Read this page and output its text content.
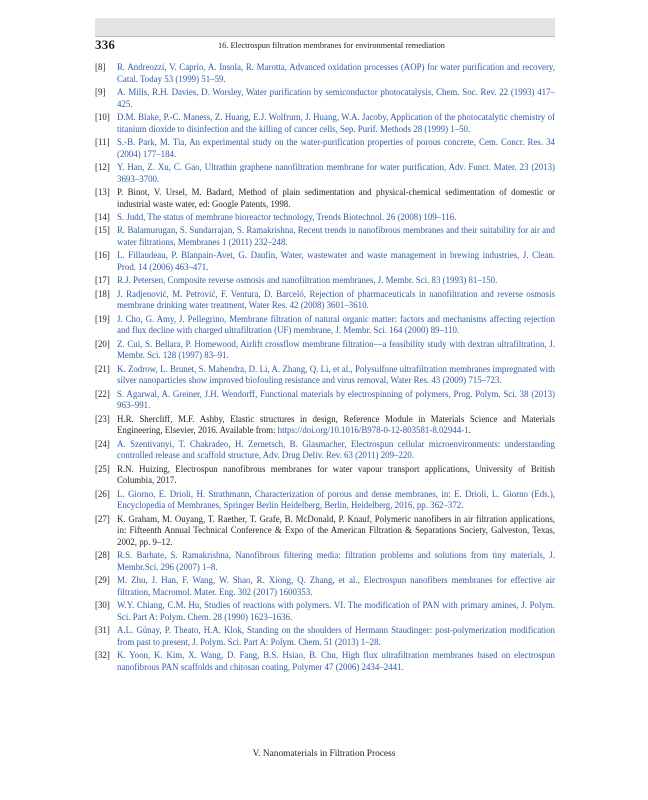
336	16. Electrospun filtration membranes for environmental remediation
[8]	R. Andreozzi, V. Caprio, A. Insola, R. Marotta, Advanced oxidation processes (AOP) for water purification and recovery, Catal. Today 53 (1999) 51–59.
[9]	A. Mills, R.H. Davies, D. Worsley, Water purification by semiconductor photocatalysis, Chem. Soc. Rev. 22 (1993) 417–425.
[10] D.M. Blake, P.-C. Maness, Z. Huang, E.J. Wolfrum, J. Huang, W.A. Jacoby, Application of the photocatalytic chemistry of titanium dioxide to disinfection and the killing of cancer cells, Sep. Purif. Methods 28 (1999) 1–50.
[11] S.-B. Park, M. Tia, An experimental study on the water-purification properties of porous concrete, Cem. Concr. Res. 34 (2004) 177–184.
[12] Y. Han, Z. Xu, C. Gao, Ultrathin graphene nanofiltration membrane for water purification, Adv. Funct. Mater. 23 (2013) 3693–3700.
[13] P. Binot, V. Ursel, M. Badard, Method of plain sedimentation and physical-chemical sedimentation of domestic or industrial waste water, ed: Google Patents, 1998.
[14] S. Judd, The status of membrane bioreactor technology, Trends Biotechnol. 26 (2008) 109–116.
[15] R. Balamurugan, S. Sundarrajan, S. Ramakrishna, Recent trends in nanofibrous membranes and their suitability for air and water filtrations, Membranes 1 (2011) 232–248.
[16] L. Fillaudeau, P. Blanpain-Avet, G. Daufin, Water, wastewater and waste management in brewing industries, J. Clean. Prod. 14 (2006) 463–471.
[17] R.J. Petersen, Composite reverse osmosis and nanofiltration membranes, J. Membr. Sci. 83 (1993) 81–150.
[18] J. Radjenović, M. Petrović, F. Ventura, D. Barceló, Rejection of pharmaceuticals in nanofiltration and reverse osmosis membrane drinking water treatment, Water Res. 42 (2008) 3601–3610.
[19] J. Cho, G. Amy, J. Pellegrino, Membrane filtration of natural organic matter: factors and mechanisms affecting rejection and flux decline with charged ultrafiltration (UF) membrane, J. Membr. Sci. 164 (2000) 89–110.
[20] Z. Cui, S. Bellara, P. Homewood, Airlift crossflow membrane filtration—a feasibility study with dextran ultrafiltration, J. Membr. Sci. 128 (1997) 83–91.
[21] K. Zodrow, L. Brunet, S. Mahendra, D. Li, A. Zhang, Q. Li, et al., Polysulfone ultrafiltration membranes impregnated with silver nanoparticles show improved biofouling resistance and virus removal, Water Res. 43 (2009) 715–723.
[22] S. Agarwal, A. Greiner, J.H. Wendorff, Functional materials by electrospinning of polymers, Prog. Polym. Sci. 38 (2013) 963–991.
[23] H.R. Shercliff, M.F. Ashby, Elastic structures in design, Reference Module in Materials Science and Materials Engineering, Elsevier, 2016. Available from: https://doi.org/10.1016/B978-0-12-803581-8.02944-1.
[24] A. Szentivanyi, T. Chakradeo, H. Zernetsch, B. Glasmacher, Electrospun cellular microenvironments: understanding controlled release and scaffold structure, Adv. Drug Deliv. Rev. 63 (2011) 209–220.
[25] R.N. Huizing, Electrospun nanofibrous membranes for water vapour transport applications, University of British Columbia, 2017.
[26] L. Giorno, E. Drioli, H. Strathmann, Characterization of porous and dense membranes, in: E. Drioli, L. Giorno (Eds.), Encyclopedia of Membranes, Springer Berlin Heidelberg, Berlin, Heidelberg, 2016, pp. 362–372.
[27] K. Graham, M. Ouyang, T. Raether, T. Grafe, B. McDonald, P. Knauf, Polymeric nanofibers in air filtration applications, in: Fifteenth Annual Technical Conference & Expo of the American Filtration & Separations Society, Galveston, Texas, 2002, pp. 9–12.
[28] R.S. Barhate, S. Ramakrishna, Nanofibrous filtering media: filtration problems and solutions from tiny materials, J. Membr.Sci. 296 (2007) 1–8.
[29] M. Zhu, J. Han, F. Wang, W. Shao, R. Xiong, Q. Zhang, et al., Electrospun nanofibers membranes for effective air filtration, Macromol. Mater. Eng. 302 (2017) 1600353.
[30] W.Y. Chiang, C.M. Hu, Studies of reactions with polymers. VI. The modification of PAN with primary amines, J. Polym. Sci. Part A: Polym. Chem. 28 (1990) 1623–1636.
[31] A.L. Günay, P. Theato, H.A. Klok, Standing on the shoulders of Hermann Staudinger: post-polymerization modification from past to present, J. Polym. Sci. Part A: Polym. Chem. 51 (2013) 1–28.
[32] K. Yoon, K. Kim, X. Wang, D. Fang, B.S. Hsiao, B. Chu, High flux ultrafiltration membranes based on electrospun nanofibrous PAN scaffolds and chitosan coating, Polymer 47 (2006) 2434–2441.
V. Nanomaterials in Filtration Process
